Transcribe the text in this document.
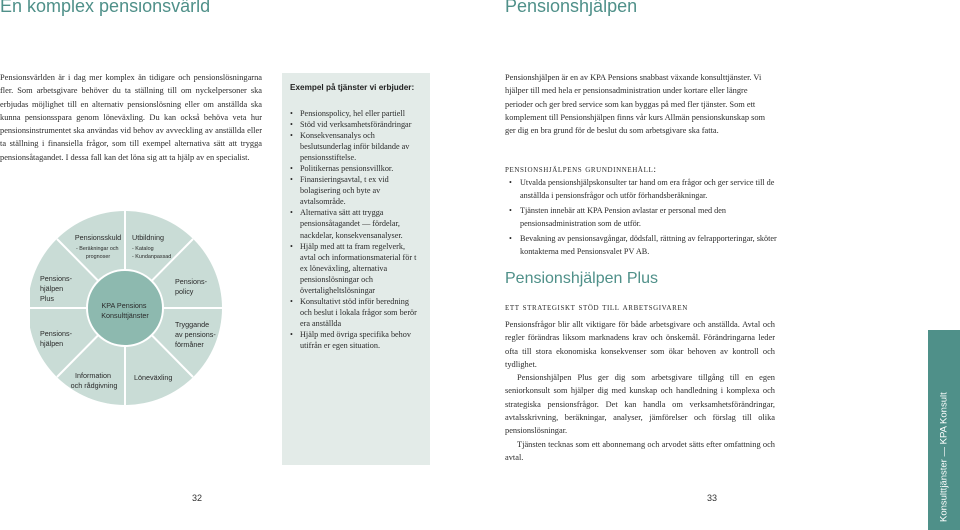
En komplex pensionsvärld	Pensionshjälpen

Pensionsvärlden är i dag mer komplex än tidigare och pensionslösningarna fler. Som arbetsgivare behöver du ta ställning till om nyckelpersoner ska erbjudas möjlighet till en alternativ pensionslösning eller om anställda ska kunna pensionsspara genom löneväxling. Du kan också behöva veta hur pensionsinstrumentet ska användas vid behov av avveckling av anställda eller ta ställning i finansiella frågor, som till exempel alternativa sätt att trygga pensionsåtagandet. I dessa fall kan det löna sig att ta hjälp av en specialist.

KPA Pensions Konsulttjänster
Pensionsskuld
- Beräkningar och prognoser
Utbildning
- Katalog - Kundanpassad
Pensions- policy
Tryggande av pensions- förmåner
Löneväxling
Information och rådgivning
Pensions- hjälpen
Pensions- hjälpen Plus
Exempel på tjänster vi erbjuder:
• Pensionspolicy, hel eller partiell
• Stöd vid verksamhetsförändringar
• Konsekvensanalys och beslutsunderlag inför bildande av pensionsstiftelse.
• Politikernas pensionsvillkor.
• Finansieringsavtal, t ex vid bolagisering och byte av avtalsområde.
• Alternativa sätt att trygga pensionsåtagandet — fördelar, nackdelar, konsekvensanalyser.
• Hjälp med att ta fram regelverk, avtal och informationsmaterial för t ex löneväxling, alternativa pensionslösningar och övertaligheltslösningar
• Konsultativt stöd inför beredning och beslut i lokala frågor som berör era anställda
• Hjälp med övriga specifika behov utifrån er egen situation.
32

Pensionshjälpen är en av KPA Pensions snabbast växande konsulttjänster. Vi hjälper till med hela er pensionsadministration under kortare eller längre perioder och ger bred service som kan byggas på med fler tjänster. Som ett komplement till Pensionshjälpen finns vår kurs Allmän pensionskunskap som ger dig en bra grund för de beslut du som arbetsgivare ska fatta.

pensionshjälpens grundinnehåll:
• Utvalda pensionshjälpskonsulter tar hand om era frågor och ger service till de anställda i pensionsfrågor och utför förhandsberäkningar.
• Tjänsten innebär att KPA Pension avlastar er personal med den pensionsadministration som de utför.
• Bevakning av pensionsavgångar, dödsfall, rättning av felrapporteringar, sköter kontakterna med Pensionsvalet PV AB.
Pensionshjälpen Plus
ett strategiskt stöd till arbetsgivaren

Pensionsfrågor blir allt viktigare för både arbetsgivare och anställda. Avtal och regler förändras liksom marknadens krav och önskemål. Förändringarna leder ofta till stora ekonomiska konsekvenser som ökar behoven av kontroll och tydlighet.

Pensionshjälpen Plus ger dig som arbetsgivare tillgång till en egen seniorkonsult som hjälper dig med kunskap och handledning i komplexa och strategiska pensionsfrågor. Det kan handla om verksamhetsförändringar, avtalsskrivning, beräkningar, analyser, jämförelser och förslag till olika pensionslösningar.

Tjänsten tecknas som ett abonnemang och arvodet sätts efter omfattning och avtal.

33	Konsulttjänster — KPA Konsult
